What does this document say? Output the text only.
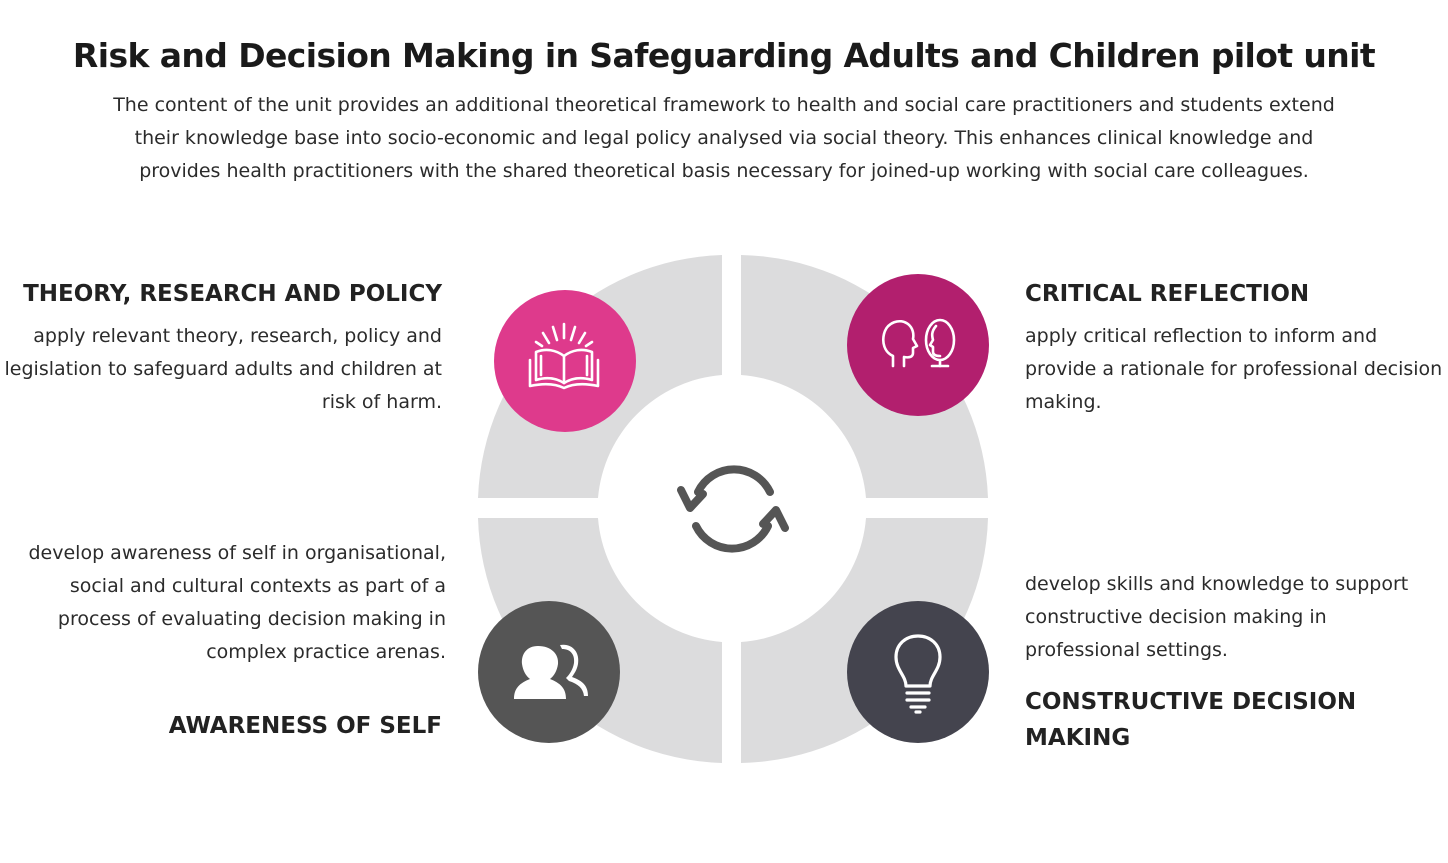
Risk and Decision Making in Safeguarding Adults and Children pilot unit

The content of the unit provides an additional theoretical framework to health and social care practitioners and students extend their knowledge base into socio-economic and legal policy analysed via social theory. This enhances clinical knowledge and provides health practitioners with the shared theoretical basis necessary for joined-up working with social care colleagues.

THEORY, RESEARCH AND POLICY
apply relevant theory, research, policy and legislation to safeguard adults and children at risk of harm.
CRITICAL REFLECTION
apply critical reflection to inform and provide a rationale for professional decision making.
develop awareness of self in organisational, social and cultural contexts as part of a process of evaluating decision making in complex practice arenas.
AWARENESS OF SELF
develop skills and knowledge to support constructive decision making in professional settings.
CONSTRUCTIVE DECISION MAKING
